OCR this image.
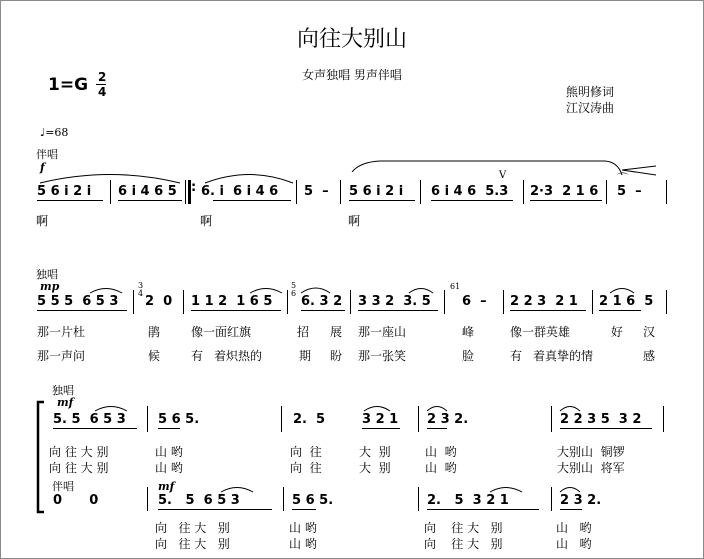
向往大别山
女声独唱 男声伴唱
熊明修词
江汉涛曲
1=G 2
4
♩=68
伴唱
f
5 6 i 2 i 6 i 4 6 5 : 6. i  6 i 4 6 5  – 5 6 i 2 i 6 i 4 6  5.3
V
2·3  2 1 6 5  –
⌒
啊	啊	啊
独唱
mp
5 5 5  6 5 3
3
4
2  0 1 1 2  1 6 5
5
6
6. 3 2 3 3 2  3. 5
61
6  – 2 2 3  2 1 2 1 6  5
那一片杜	鹃	像一面红旗	招 展 那一座山	峰	像一群英雄	好 汉
那一声问	候	有 着炽热的	期 盼 那一张笑	脸	有 着真挚的情	感
独唱
mf
5. 5  6 5 3 5 6 5.	2.  5	3 2 1 2 3 2.	2 2 3 5  3 2
向 往 大 别	山 哟	向  往	大  别	山  哟	大别山  铜锣
向 往 大 别	山 哟	向  往	大  别	山  哟	大别山  将军
伴唱
0      0
mf
5.   5  6 5 3	5 6 5.	2.   5  3 2 1	2 3 2.
向   往 大   别	山 哟	向    往 大   别	山   哟
向   往 大   别	山 哟	向    往 大   别	山   哟
